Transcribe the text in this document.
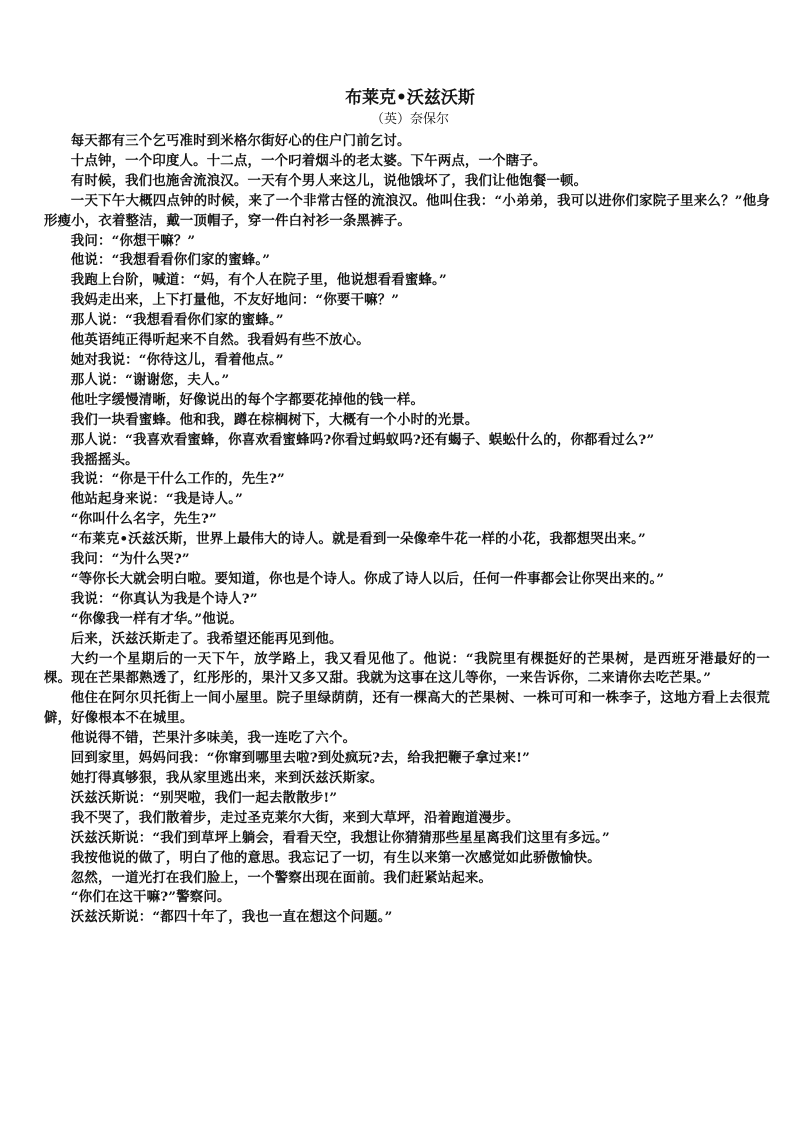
布莱克•沃兹沃斯
（英）奈保尔

每天都有三个乞丐准时到米格尔街好心的住户门前乞讨。

十点钟，一个印度人。十二点，一个叼着烟斗的老太婆。下午两点，一个瞎子。

有时候，我们也施舍流浪汉。一天有个男人来这儿，说他饿坏了，我们让他饱餐一顿。

一天下午大概四点钟的时候，来了一个非常古怪的流浪汉。他叫住我：“小弟弟，我可以进你们家院子里来么？”他身形瘦小，衣着整洁，戴一顶帽子，穿一件白衬衫一条黑裤子。

我问：“你想干嘛？”

他说：“我想看看你们家的蜜蜂。”

我跑上台阶，喊道：“妈，有个人在院子里，他说想看看蜜蜂。”

我妈走出来，上下打量他，不友好地问：“你要干嘛？”

那人说：“我想看看你们家的蜜蜂。”

他英语纯正得听起来不自然。我看妈有些不放心。

她对我说：“你待这儿，看着他点。”

那人说：“谢谢您，夫人。”

他吐字缓慢清晰，好像说出的每个字都要花掉他的钱一样。

我们一块看蜜蜂。他和我，蹲在棕榈树下，大概有一个小时的光景。

那人说：“我喜欢看蜜蜂，你喜欢看蜜蜂吗?你看过蚂蚁吗?还有蝎子、蜈蚣什么的，你都看过么?”

我摇摇头。

我说：“你是干什么工作的，先生?”

他站起身来说：“我是诗人。”

“你叫什么名字，先生?”

“布莱克•沃兹沃斯，世界上最伟大的诗人。就是看到一朵像牵牛花一样的小花，我都想哭出来。”

我问：“为什么哭?”

“等你长大就会明白啦。要知道，你也是个诗人。你成了诗人以后，任何一件事都会让你哭出来的。”

我说：“你真认为我是个诗人?”

“你像我一样有才华。”他说。

后来，沃兹沃斯走了。我希望还能再见到他。

大约一个星期后的一天下午，放学路上，我又看见他了。他说：“我院里有棵挺好的芒果树，是西班牙港最好的一棵。现在芒果都熟透了，红彤彤的，果汁又多又甜。我就为这事在这儿等你，一来告诉你，二来请你去吃芒果。”

他住在阿尔贝托街上一间小屋里。院子里绿荫荫，还有一棵高大的芒果树、一株可可和一株李子，这地方看上去很荒僻，好像根本不在城里。

他说得不错，芒果汁多味美，我一连吃了六个。

回到家里，妈妈问我：“你窜到哪里去啦?到处疯玩?去，给我把鞭子拿过来!”

她打得真够狠，我从家里逃出来，来到沃兹沃斯家。

沃兹沃斯说：“别哭啦，我们一起去散散步!”

我不哭了，我们散着步，走过圣克莱尔大街，来到大草坪，沿着跑道漫步。

沃兹沃斯说：“我们到草坪上躺会，看看天空，我想让你猜猜那些星星离我们这里有多远。”

我按他说的做了，明白了他的意思。我忘记了一切，有生以来第一次感觉如此骄傲愉快。

忽然，一道光打在我们脸上，一个警察出现在面前。我们赶紧站起来。

“你们在这干嘛?”警察问。

沃兹沃斯说：“都四十年了，我也一直在想这个问题。”
